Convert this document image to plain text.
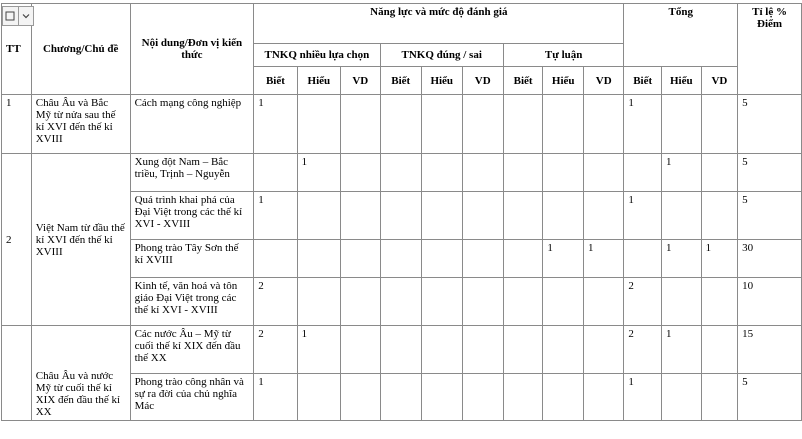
TT	Chương/Chủ đề	Nội dung/Đơn vị kiến thức	Năng lực và mức độ đánh giá									Tổng			Tỉ lệ % Điểm
			TNKQ nhiều lựa chọn			TNKQ đúng / sai			Tự luận						
			Biết	Hiểu	VD	Biết	Hiểu	VD	Biết	Hiểu	VD	Biết	Hiểu	VD	
1	Châu Âu và Bắc Mỹ từ nửa sau thế kỉ XVI đến thế kỉ XVIII	Cách mạng công nghiệp	1									1			5
2	Việt Nam từ đầu thế kỉ XVI đến thế kỉ XVIII	Xung đột Nam – Bắc triều, Trịnh – Nguyễn		1									1		5
		Quá trình khai phá của Đại Việt trong các thế kỉ XVI - XVIII	1									1			5
		Phong trào Tây Sơn thế kỉ XVIII								1	1		1	1	30
		Kinh tế, văn hoá và tôn giáo Đại Việt trong các thế kỉ XVI - XVIII	2									2			10
	Châu Âu và nước Mỹ từ cuối thế kỉ XIX đến đầu thế kỉ XX	Các nước Âu – Mỹ từ cuối thế kỉ XIX đến đầu thế XX	2	1								2	1		15
		Phong trào công nhân và sự ra đời của chủ nghĩa Mác	1									1			5
